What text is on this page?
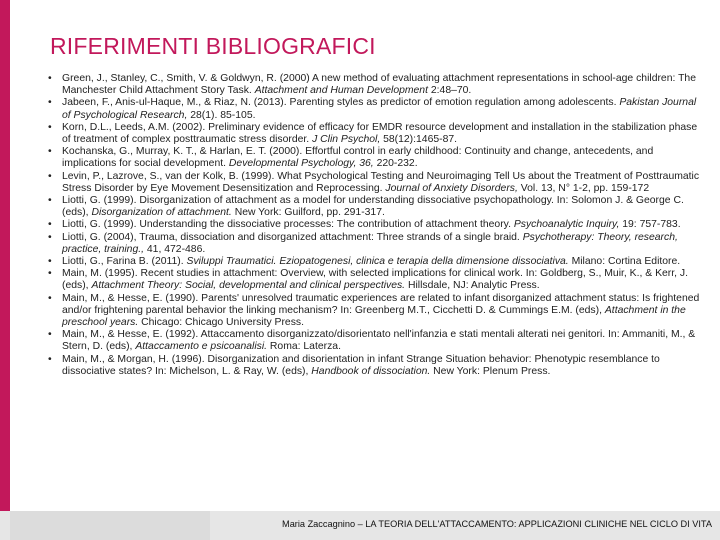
RIFERIMENTI BIBLIOGRAFICI
• Green, J., Stanley, C., Smith, V. & Goldwyn, R. (2000) A new method of evaluating attachment representations in school-age children: The Manchester Child Attachment Story Task. Attachment and Human Development 2:48–70.
• Jabeen, F., Anis-ul-Haque, M., & Riaz, N. (2013). Parenting styles as predictor of emotion regulation among adolescents. Pakistan Journal of Psychological Research, 28(1). 85-105.
• Korn, D.L., Leeds, A.M. (2002). Preliminary evidence of efficacy for EMDR resource development and installation in the stabilization phase of treatment of complex posttraumatic stress disorder. J Clin Psychol, 58(12):1465-87.
• Kochanska, G., Murray, K. T., & Harlan, E. T. (2000). Effortful control in early childhood: Continuity and change, antecedents, and implications for social development. Developmental Psychology, 36, 220-232.
• Levin, P., Lazrove, S., van der Kolk, B. (1999). What Psychological Testing and Neuroimaging Tell Us about the Treatment of Posttraumatic Stress Disorder by Eye Movement Desensitization and Reprocessing. Journal of Anxiety Disorders, Vol. 13, N° 1-2, pp. 159-172
• Liotti, G. (1999). Disorganization of attachment as a model for understanding dissociative psychopathology. In: Solomon J. & George C. (eds), Disorganization of attachment. New York: Guilford, pp. 291-317.
• Liotti, G. (1999). Understanding the dissociative processes: The contribution of attachment theory. Psychoanalytic Inquiry, 19: 757-783.
• Liotti, G. (2004), Trauma, dissociation and disorganized attachment: Three strands of a single braid. Psychotherapy: Theory, research, practice, training., 41, 472-486.
• Liotti, G., Farina B. (2011). Sviluppi Traumatici. Eziopatogenesi, clinica e terapia della dimensione dissociativa. Milano: Cortina Editore.
• Main, M. (1995). Recent studies in attachment: Overview, with selected implications for clinical work. In: Goldberg, S., Muir, K., & Kerr, J. (eds), Attachment Theory: Social, developmental and clinical perspectives. Hillsdale, NJ: Analytic Press.
• Main, M., & Hesse, E. (1990). Parents' unresolved traumatic experiences are related to infant disorganized attachment status: Is frightened and/or frightening parental behavior the linking mechanism? In: Greenberg M.T., Cicchetti D. & Cummings E.M. (eds), Attachment in the preschool years. Chicago: Chicago University Press.
• Main, M., & Hesse, E. (1992). Attaccamento disorganizzato/disorientato nell'infanzia e stati mentali alterati nei genitori. In: Ammaniti, M., & Stern, D. (eds), Attaccamento e psicoanalisi. Roma: Laterza.
• Main, M., & Morgan, H. (1996). Disorganization and disorientation in infant Strange Situation behavior: Phenotypic resemblance to dissociative states? In: Michelson, L. & Ray, W. (eds), Handbook of dissociation. New York: Plenum Press.
Maria Zaccagnino – LA TEORIA DELL'ATTACCAMENTO: APPLICAZIONI CLINICHE NEL CICLO DI VITA
